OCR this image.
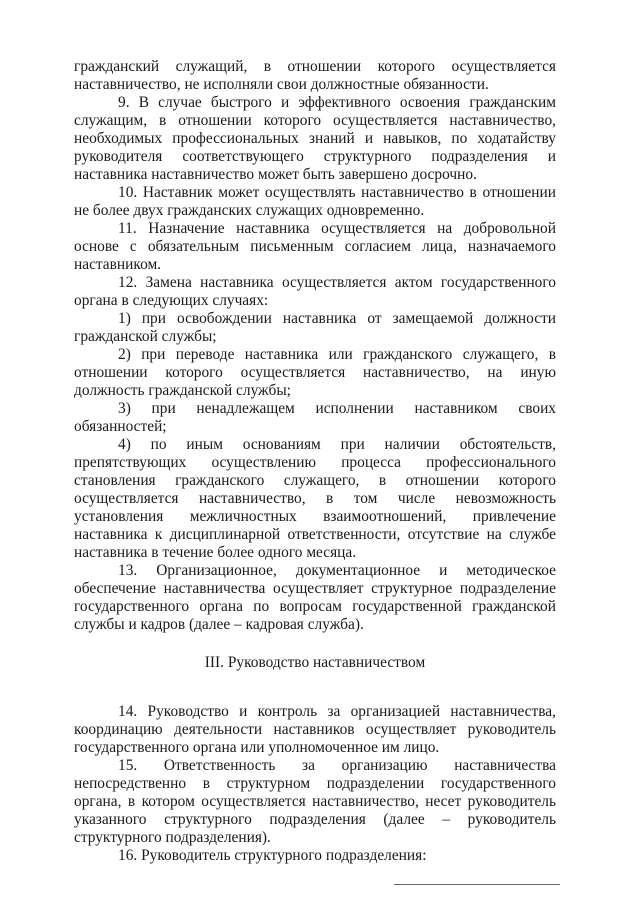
гражданский служащий, в отношении которого осуществляется наставничество, не исполняли свои должностные обязанности.

9. В случае быстрого и эффективного освоения гражданским служащим, в отношении которого осуществляется наставничество, необходимых профессиональных знаний и навыков, по ходатайству руководителя соответствующего структурного подразделения и наставника наставничество может быть завершено досрочно.

10. Наставник может осуществлять наставничество в отношении не более двух гражданских служащих одновременно.

11. Назначение наставника осуществляется на добровольной основе с обязательным письменным согласием лица, назначаемого наставником.

12. Замена наставника осуществляется актом государственного органа в следующих случаях:

1) при освобождении наставника от замещаемой должности гражданской службы;

2) при переводе наставника или гражданского служащего, в отношении которого осуществляется наставничество, на иную должность гражданской службы;

3) при ненадлежащем исполнении наставником своих обязанностей;

4) по иным основаниям при наличии обстоятельств, препятствующих осуществлению процесса профессионального становления гражданского служащего, в отношении которого осуществляется наставничество, в том числе невозможность установления межличностных взаимоотношений, привлечение наставника к дисциплинарной ответственности, отсутствие на службе наставника в течение более одного месяца.

13. Организационное, документационное и методическое обеспечение наставничества осуществляет структурное подразделение государственного органа по вопросам государственной гражданской службы и кадров (далее – кадровая служба).

III. Руководство наставничеством

14. Руководство и контроль за организацией наставничества, координацию деятельности наставников осуществляет руководитель государственного органа или уполномоченное им лицо.

15. Ответственность за организацию наставничества непосредственно в структурном подразделении государственного органа, в котором осуществляется наставничество, несет руководитель указанного структурного подразделения (далее – руководитель структурного подразделения).

16. Руководитель структурного подразделения:
